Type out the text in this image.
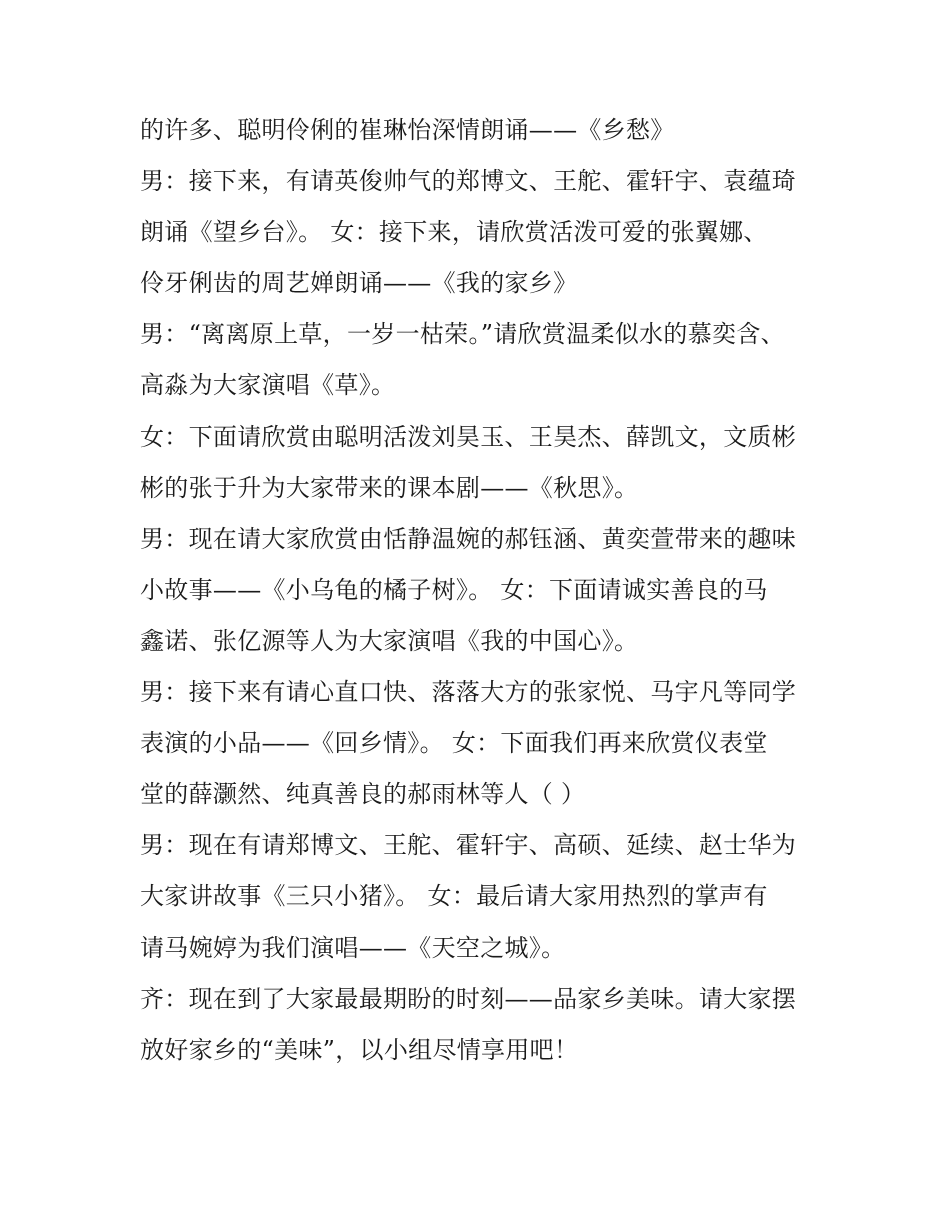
的许多、聪明伶俐的崔琳怡深情朗诵——《乡愁》
男：接下来，有请英俊帅气的郑博文、王舵、霍轩宇、袁蕴琦
朗诵《望乡台》。 女：接下来，请欣赏活泼可爱的张翼娜、
伶牙俐齿的周艺婵朗诵——《我的家乡》
男：“离离原上草，一岁一枯荣。”请欣赏温柔似水的慕奕含、
高淼为大家演唱《草》。
女：下面请欣赏由聪明活泼刘昊玉、王昊杰、薛凯文，文质彬
彬的张于升为大家带来的课本剧——《秋思》。
男：现在请大家欣赏由恬静温婉的郝钰涵、黄奕萱带来的趣味
小故事——《小乌龟的橘子树》。 女：下面请诚实善良的马
鑫诺、张亿源等人为大家演唱《我的中国心》。
男：接下来有请心直口快、落落大方的张家悦、马宇凡等同学
表演的小品——《回乡情》。 女：下面我们再来欣赏仪表堂
堂的薛灏然、纯真善良的郝雨林等人（ ）
男：现在有请郑博文、王舵、霍轩宇、高硕、延续、赵士华为
大家讲故事《三只小猪》。 女：最后请大家用热烈的掌声有
请马婉婷为我们演唱——《天空之城》。
齐：现在到了大家最最期盼的时刻——品家乡美味。请大家摆
放好家乡的“美味”，以小组尽情享用吧！
